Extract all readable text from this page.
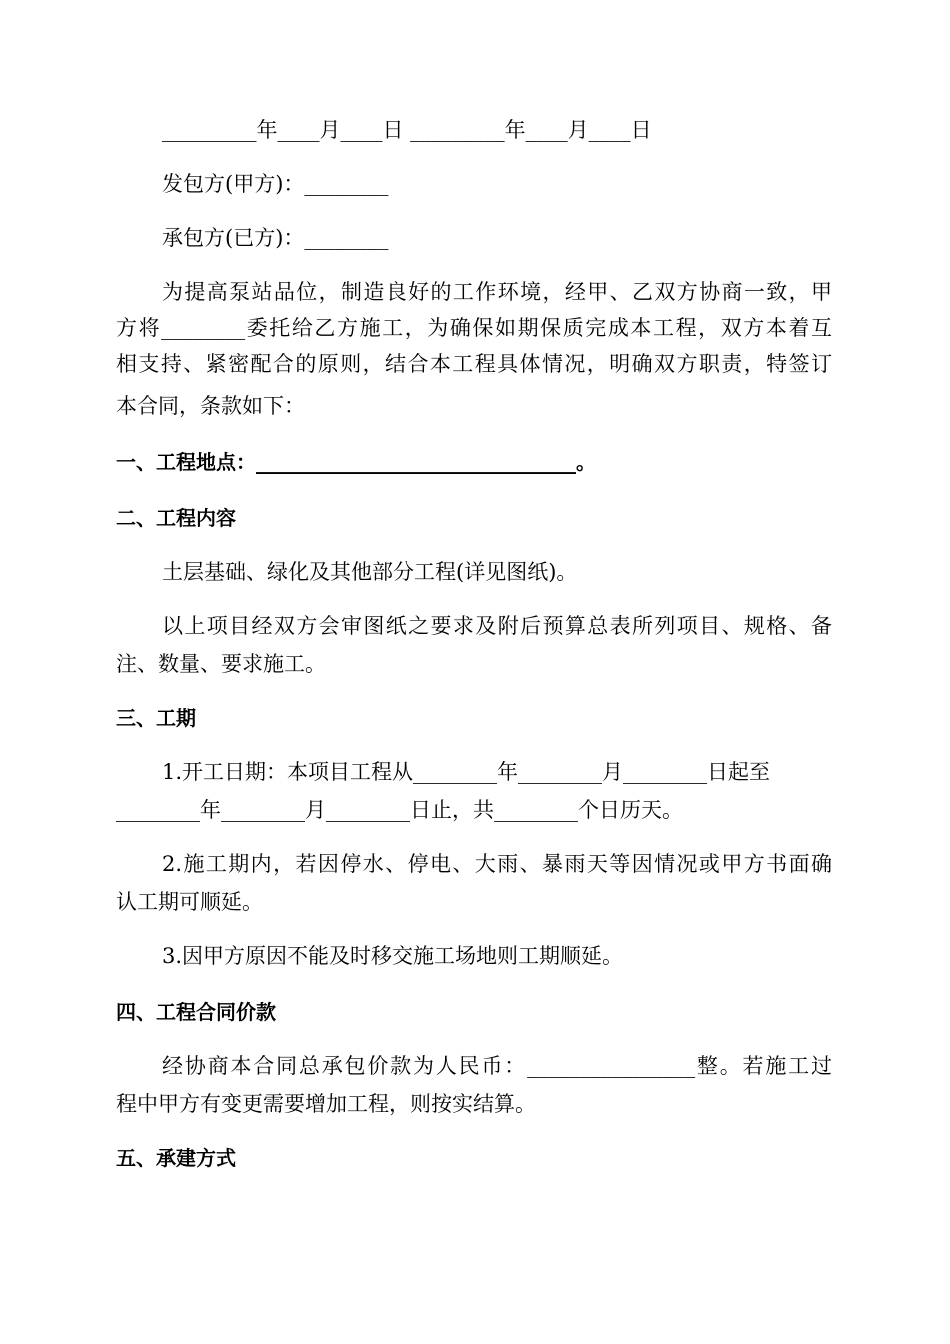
_________年____月____日 _________年____月____日
发包方(甲方)：________
承包方(已方)：________
为提高泵站品位，制造良好的工作环境，经甲、乙双方协商一致，甲
方将________委托给乙方施工，为确保如期保质完成本工程，双方本着互
相支持、紧密配合的原则，结合本工程具体情况，明确双方职责，特签订
本合同，条款如下：
一、工程地点：________________________________。
二、工程内容
土层基础、绿化及其他部分工程(详见图纸)。
以上项目经双方会审图纸之要求及附后预算总表所列项目、规格、备
注、数量、要求施工。
三、工期
1.开工日期：本项目工程从________年________月________日起至
________年________月________日止，共________个日历天。
2.施工期内，若因停水、停电、大雨、暴雨天等因情况或甲方书面确
认工期可顺延。
3.因甲方原因不能及时移交施工场地则工期顺延。
四、工程合同价款
经协商本合同总承包价款为人民币：________________整。若施工过
程中甲方有变更需要增加工程，则按实结算。
五、承建方式
